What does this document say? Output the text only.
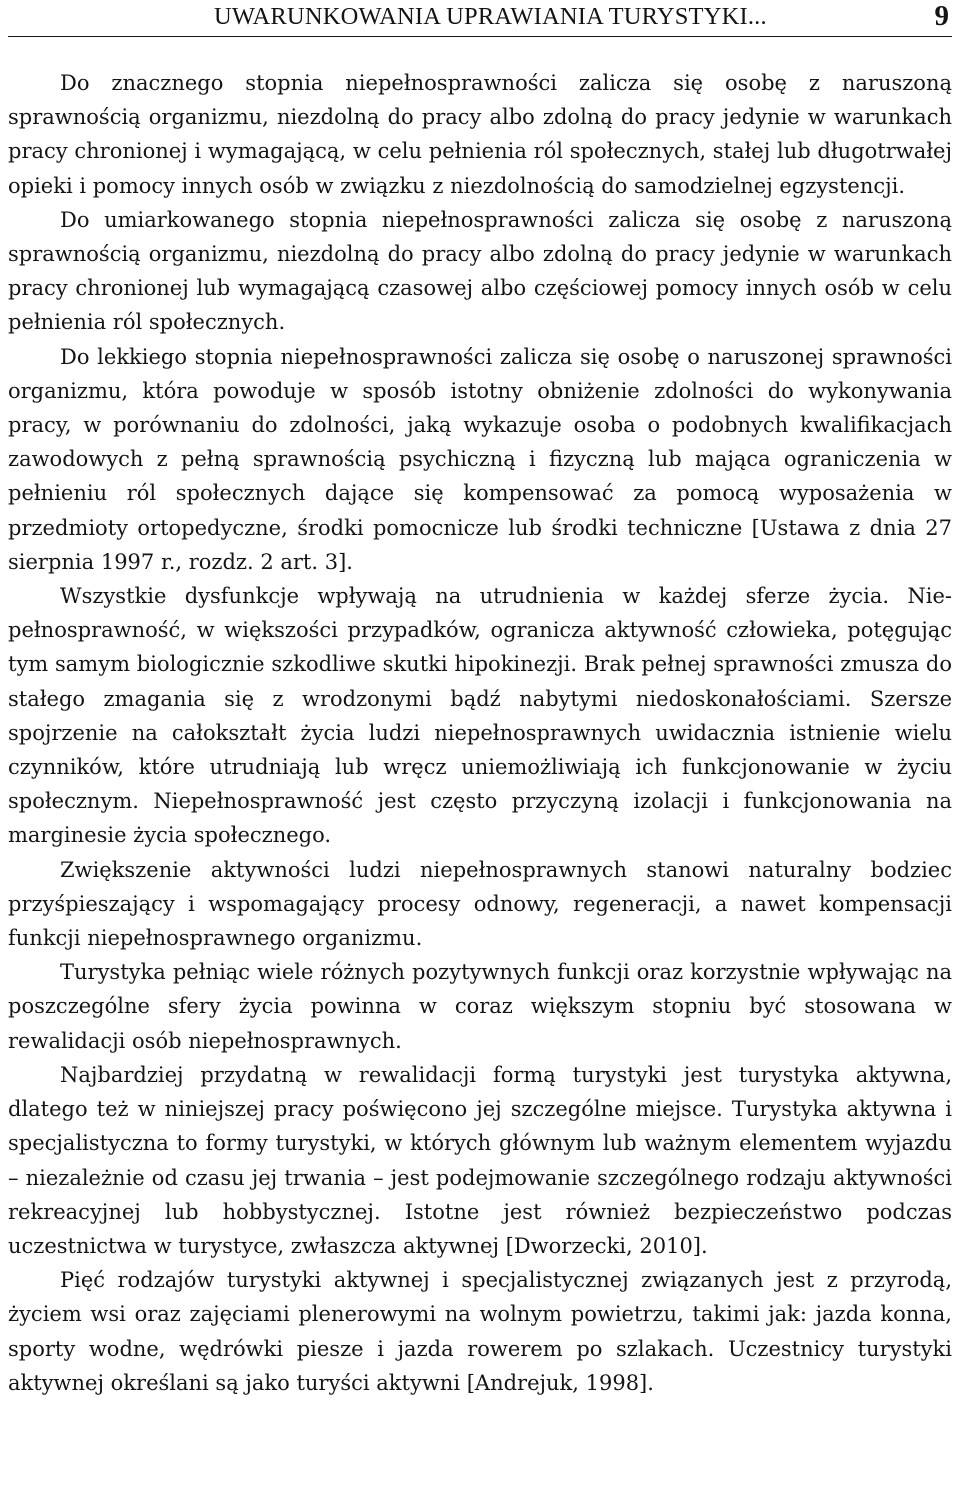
UWARUNKOWANIA UPRAWIANIA TURYSTYKI...	9

Do znacznego stopnia niepełnosprawności zalicza się osobę z naruszoną sprawnością organizmu, niezdolną do pracy albo zdolną do pracy jedynie w warunkach pracy chronionej i wymagającą, w celu pełnienia ról społecznych, stałej lub długotrwałej opieki i pomocy innych osób w związku z niezdolnością do samodzielnej egzystencji.

Do umiarkowanego stopnia niepełnosprawności zalicza się osobę z naruszoną sprawnością organizmu, niezdolną do pracy albo zdolną do pracy jedynie w warunkach pracy chronionej lub wymagającą czasowej albo częściowej pomocy innych osób w celu pełnienia ról społecznych.

Do lekkiego stopnia niepełnosprawności zalicza się osobę o naruszonej sprawności organizmu, która powoduje w sposób istotny obniżenie zdolności do wykonywania pracy, w porównaniu do zdolności, jaką wykazuje osoba o podobnych kwalifikacjach zawodowych z pełną sprawnością psychiczną i fizyczną lub mająca ograniczenia w pełnieniu ról społecznych dające się kompensować za pomocą wyposażenia w przedmioty ortopedyczne, środki pomocnicze lub środki techniczne [Ustawa z dnia 27 sierpnia 1997 r., rozdz. 2 art. 3].

Wszystkie dysfunkcje wpływają na utrudnienia w każdej sferze życia. Niepełnosprawność, w większości przypadków, ogranicza aktywność człowieka, potęgując tym samym biologicznie szkodliwe skutki hipokinezji. Brak pełnej sprawności zmusza do stałego zmagania się z wrodzonymi bądź nabytymi niedoskonałościami. Szersze spojrzenie na całokształt życia ludzi niepełnosprawnych uwidacznia istnienie wielu czynników, które utrudniają lub wręcz uniemożliwiają ich funkcjonowanie w życiu społecznym. Niepełnosprawność jest często przyczyną izolacji i funkcjonowania na marginesie życia społecznego.

Zwiększenie aktywności ludzi niepełnosprawnych stanowi naturalny bodziec przyśpieszający i wspomagający procesy odnowy, regeneracji, a nawet kompensacji funkcji niepełnosprawnego organizmu.

Turystyka pełniąc wiele różnych pozytywnych funkcji oraz korzystnie wpływając na poszczególne sfery życia powinna w coraz większym stopniu być stosowana w rewalidacji osób niepełnosprawnych.

Najbardziej przydatną w rewalidacji formą turystyki jest turystyka aktywna, dlatego też w niniejszej pracy poświęcono jej szczególne miejsce. Turystyka aktywna i specjalistyczna to formy turystyki, w których głównym lub ważnym elementem wyjazdu – niezależnie od czasu jej trwania – jest podejmowanie szczególnego rodzaju aktywności rekreacyjnej lub hobbystycznej. Istotne jest również bezpieczeństwo podczas uczestnictwa w turystyce, zwłaszcza aktywnej [Dworzecki, 2010].

Pięć rodzajów turystyki aktywnej i specjalistycznej związanych jest z przyrodą, życiem wsi oraz zajęciami plenerowymi na wolnym powietrzu, takimi jak: jazda konna, sporty wodne, wędrówki piesze i jazda rowerem po szlakach. Uczestnicy turystyki aktywnej określani są jako turyści aktywni [Andrejuk, 1998].
